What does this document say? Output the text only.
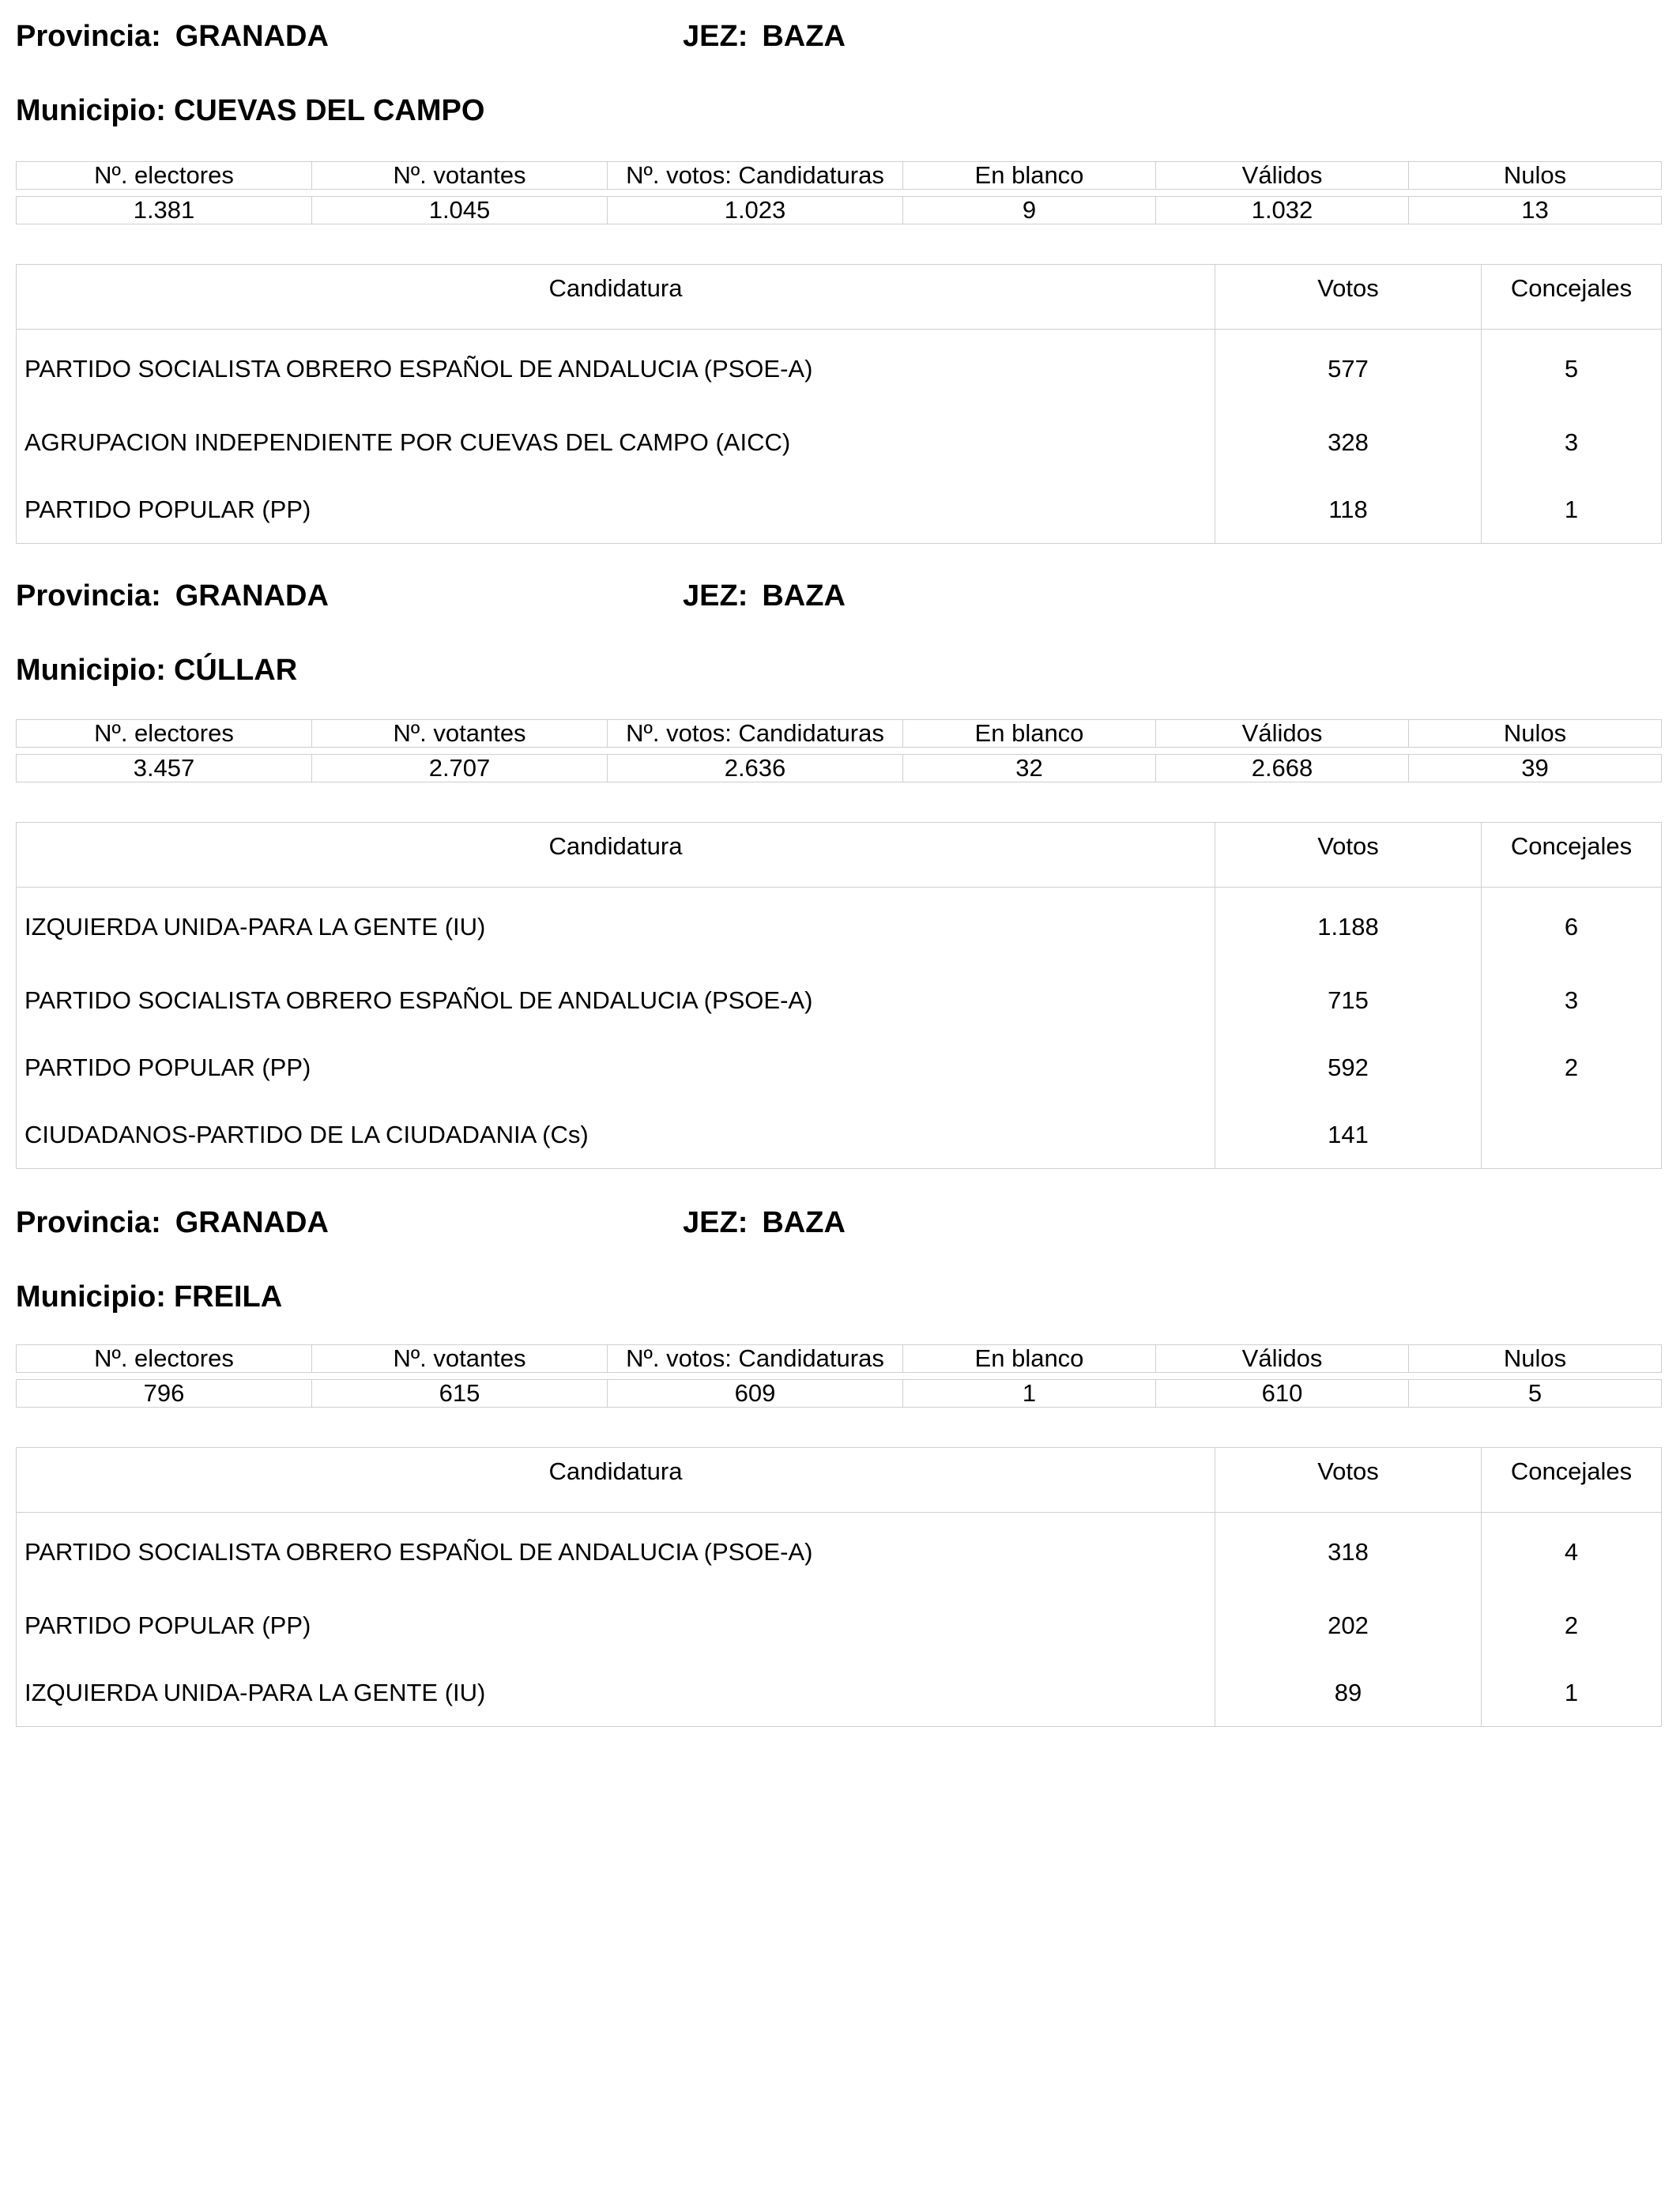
Provincia: GRANADA	JEZ: BAZA
Municipio: CUEVAS DEL CAMPO
Nº. electores	Nº. votantes	Nº. votos: Candidaturas	En blanco	Válidos	Nulos

1.381	1.045	1.023	9	1.032	13
Candidatura	Votos	Concejales
PARTIDO SOCIALISTA OBRERO ESPAÑOL DE ANDALUCIA (PSOE-A)	577	5
AGRUPACION INDEPENDIENTE POR CUEVAS DEL CAMPO (AICC)	328	3
PARTIDO POPULAR (PP)	118	1
Provincia: GRANADA	JEZ: BAZA
Municipio: CÚLLAR
Nº. electores	Nº. votantes	Nº. votos: Candidaturas	En blanco	Válidos	Nulos

3.457	2.707	2.636	32	2.668	39
Candidatura	Votos	Concejales
IZQUIERDA UNIDA-PARA LA GENTE (IU)	1.188	6
PARTIDO SOCIALISTA OBRERO ESPAÑOL DE ANDALUCIA (PSOE-A)	715	3
PARTIDO POPULAR (PP)	592	2
CIUDADANOS-PARTIDO DE LA CIUDADANIA (Cs)	141	
Provincia: GRANADA	JEZ: BAZA
Municipio: FREILA
Nº. electores	Nº. votantes	Nº. votos: Candidaturas	En blanco	Válidos	Nulos

796	615	609	1	610	5
Candidatura	Votos	Concejales
PARTIDO SOCIALISTA OBRERO ESPAÑOL DE ANDALUCIA (PSOE-A)	318	4
PARTIDO POPULAR (PP)	202	2
IZQUIERDA UNIDA-PARA LA GENTE (IU)	89	1
